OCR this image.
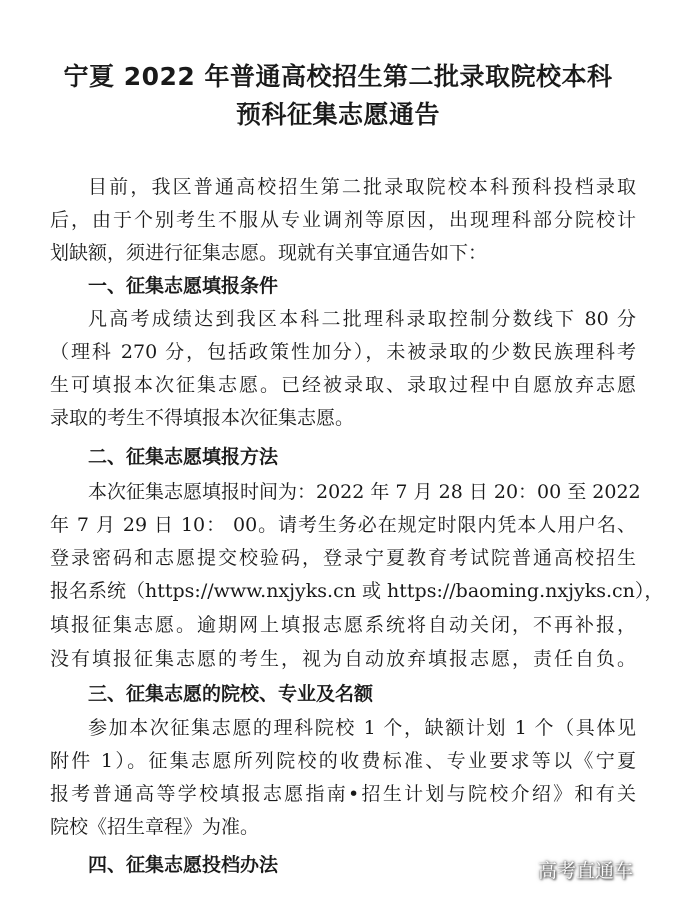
宁夏 2022 年普通高校招生第二批录取院校本科
预科征集志愿通告
目前，我区普通高校招生第二批录取院校本科预科投档录取
后，由于个别考生不服从专业调剂等原因，出现理科部分院校计
划缺额，须进行征集志愿。现就有关事宜通告如下：
一、征集志愿填报条件
凡高考成绩达到我区本科二批理科录取控制分数线下 80 分
（理科 270 分，包括政策性加分），未被录取的少数民族理科考
生可填报本次征集志愿。已经被录取、录取过程中自愿放弃志愿
录取的考生不得填报本次征集志愿。
二、征集志愿填报方法
本次征集志愿填报时间为：2022 年 7 月 28 日 20：00 至 2022
年 7 月 29 日 10： 00。请考生务必在规定时限内凭本人用户名、
登录密码和志愿提交校验码，登录宁夏教育考试院普通高校招生
报名系统（https://www.nxjyks.cn 或 https://baoming.nxjyks.cn），
填报征集志愿。逾期网上填报志愿系统将自动关闭，不再补报，
没有填报征集志愿的考生，视为自动放弃填报志愿，责任自负。
三、征集志愿的院校、专业及名额
参加本次征集志愿的理科院校 1 个，缺额计划 1 个（具体见
附件 1）。征集志愿所列院校的收费标准、专业要求等以《宁夏
报考普通高等学校填报志愿指南•招生计划与院校介绍》和有关
院校《招生章程》为准。
四、征集志愿投档办法	高考直通车
